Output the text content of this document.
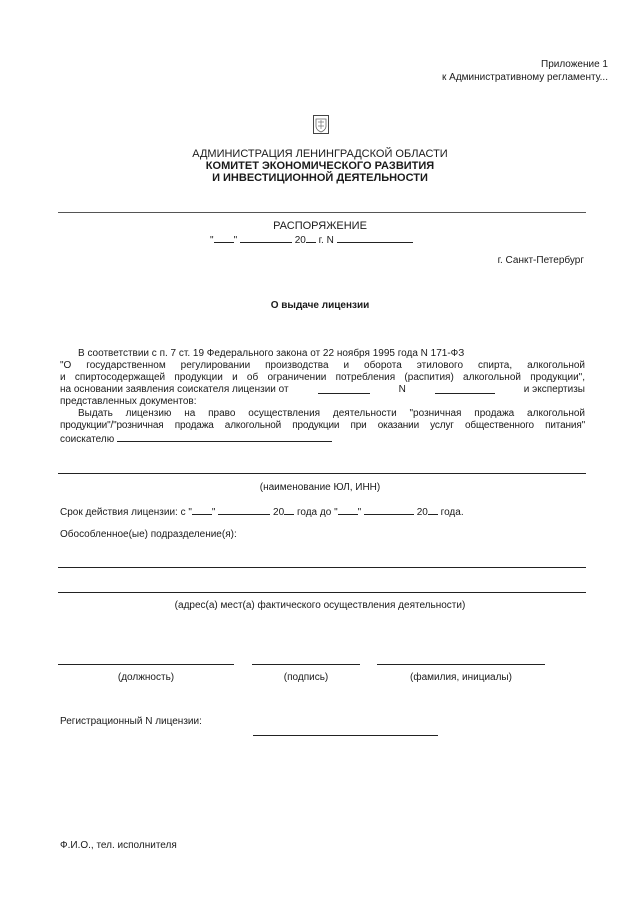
Приложение 1
к Административному регламенту...
АДМИНИСТРАЦИЯ ЛЕНИНГРАДСКОЙ ОБЛАСТИ
КОМИТЕТ ЭКОНОМИЧЕСКОГО РАЗВИТИЯ
И ИНВЕСТИЦИОННОЙ ДЕЯТЕЛЬНОСТИ
РАСПОРЯЖЕНИЕ
" "	20 г. N
г. Санкт-Петербург
О выдаче лицензии

В соответствии с п. 7 ст. 19 Федерального закона от 22 ноября 1995 года N 171-ФЗ

"О государственном регулировании производства и оборота этилового спирта, алкогольной

и спиртосодержащей продукции и об ограничении потребления (распития) алкогольной продукции",

на основании заявления соискателя лицензии от	N	и экспертизы

представленных документов:

Выдать лицензию на право осуществления деятельности "розничная продажа алкогольной

продукции"/"розничная продажа алкогольной продукции при оказании услуг общественного питания"

соискателю

(наименование ЮЛ, ИНН)
Срок действия лицензии: с " "	20 года до " "	20 года.
Обособленное(ые) подразделение(я):
(адрес(а) мест(а) фактического осуществления деятельности)
(должность)	(подпись)	(фамилия, инициалы)
Регистрационный N лицензии:
Ф.И.О., тел. исполнителя
